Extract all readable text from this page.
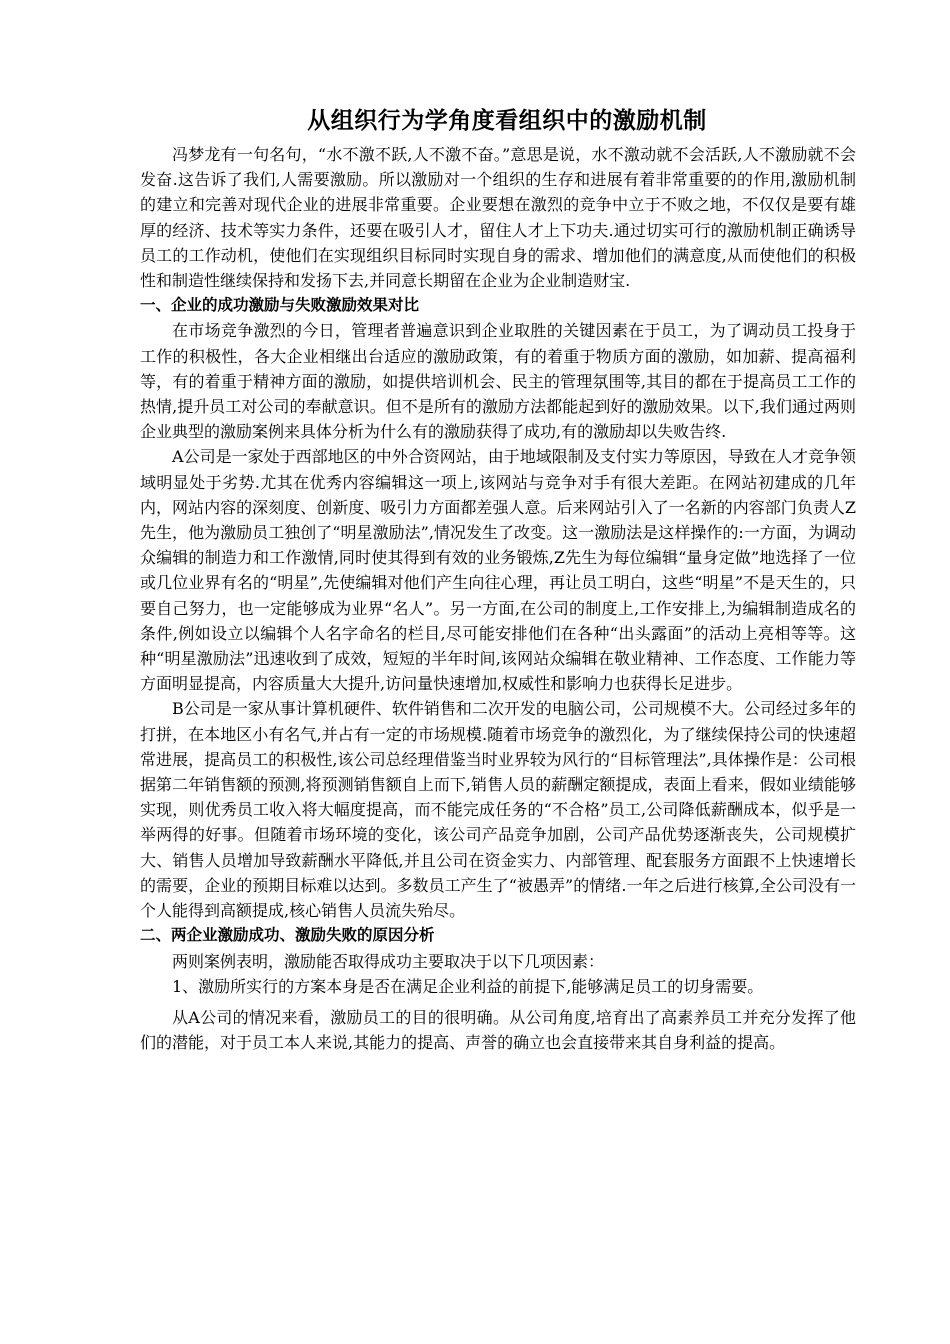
从组织行为学角度看组织中的激励机制

冯梦龙有一句名句，“水不激不跃,人不激不奋。”意思是说，水不激动就不会活跃,人不激励就不会发奋.这告诉了我们,人需要激励。所以激励对一个组织的生存和进展有着非常重要的的作用,激励机制的建立和完善对现代企业的进展非常重要。企业要想在激烈的竞争中立于不败之地，不仅仅是要有雄厚的经济、技术等实力条件，还要在吸引人才，留住人才上下功夫.通过切实可行的激励机制正确诱导员工的工作动机，使他们在实现组织目标同时实现自身的需求、增加他们的满意度,从而使他们的积极性和制造性继续保持和发扬下去,并同意长期留在企业为企业制造财宝.

一、企业的成功激励与失败激励效果对比

在市场竞争激烈的今日，管理者普遍意识到企业取胜的关键因素在于员工，为了调动员工投身于工作的积极性，各大企业相继出台适应的激励政策，有的着重于物质方面的激励，如加薪、提高福利等，有的着重于精神方面的激励，如提供培训机会、民主的管理氛围等,其目的都在于提高员工工作的热情,提升员工对公司的奉献意识。但不是所有的激励方法都能起到好的激励效果。以下,我们通过两则企业典型的激励案例来具体分析为什么有的激励获得了成功,有的激励却以失败告终.

A公司是一家处于西部地区的中外合资网站，由于地域限制及支付实力等原因，导致在人才竞争领域明显处于劣势.尤其在优秀内容编辑这一项上,该网站与竞争对手有很大差距。在网站初建成的几年内，网站内容的深刻度、创新度、吸引力方面都差强人意。后来网站引入了一名新的内容部门负责人Z先生，他为激励员工独创了“明星激励法”,情况发生了改变。这一激励法是这样操作的:一方面，为调动众编辑的制造力和工作激情,同时使其得到有效的业务锻炼,Z先生为每位编辑“量身定做”地选择了一位或几位业界有名的“明星”,先使编辑对他们产生向往心理，再让员工明白，这些“明星”不是天生的，只要自己努力，也一定能够成为业界“名人”。另一方面,在公司的制度上,工作安排上,为编辑制造成名的条件,例如设立以编辑个人名字命名的栏目,尽可能安排他们在各种“出头露面”的活动上亮相等等。这种“明星激励法”迅速收到了成效，短短的半年时间,该网站众编辑在敬业精神、工作态度、工作能力等方面明显提高，内容质量大大提升,访问量快速增加,权威性和影响力也获得长足进步。

B公司是一家从事计算机硬件、软件销售和二次开发的电脑公司，公司规模不大。公司经过多年的打拼，在本地区小有名气,并占有一定的市场规模.随着市场竞争的激烈化，为了继续保持公司的快速超常进展，提高员工的积极性,该公司总经理借鉴当时业界较为风行的“目标管理法”,具体操作是：公司根据第二年销售额的预测,将预测销售额自上而下,销售人员的薪酬定额提成，表面上看来，假如业绩能够实现，则优秀员工收入将大幅度提高，而不能完成任务的“不合格”员工,公司降低薪酬成本，似乎是一举两得的好事。但随着市场环境的变化，该公司产品竞争加剧，公司产品优势逐渐丧失，公司规模扩大、销售人员增加导致薪酬水平降低,并且公司在资金实力、内部管理、配套服务方面跟不上快速增长的需要，企业的预期目标难以达到。多数员工产生了“被愚弄”的情绪.一年之后进行核算,全公司没有一个人能得到高额提成,核心销售人员流失殆尽。

二、两企业激励成功、激励失败的原因分析

两则案例表明，激励能否取得成功主要取决于以下几项因素：

1、激励所实行的方案本身是否在满足企业利益的前提下,能够满足员工的切身需要。

从A公司的情况来看，激励员工的目的很明确。从公司角度,培育出了高素养员工并充分发挥了他们的潜能，对于员工本人来说,其能力的提高、声誉的确立也会直接带来其自身利益的提高。
